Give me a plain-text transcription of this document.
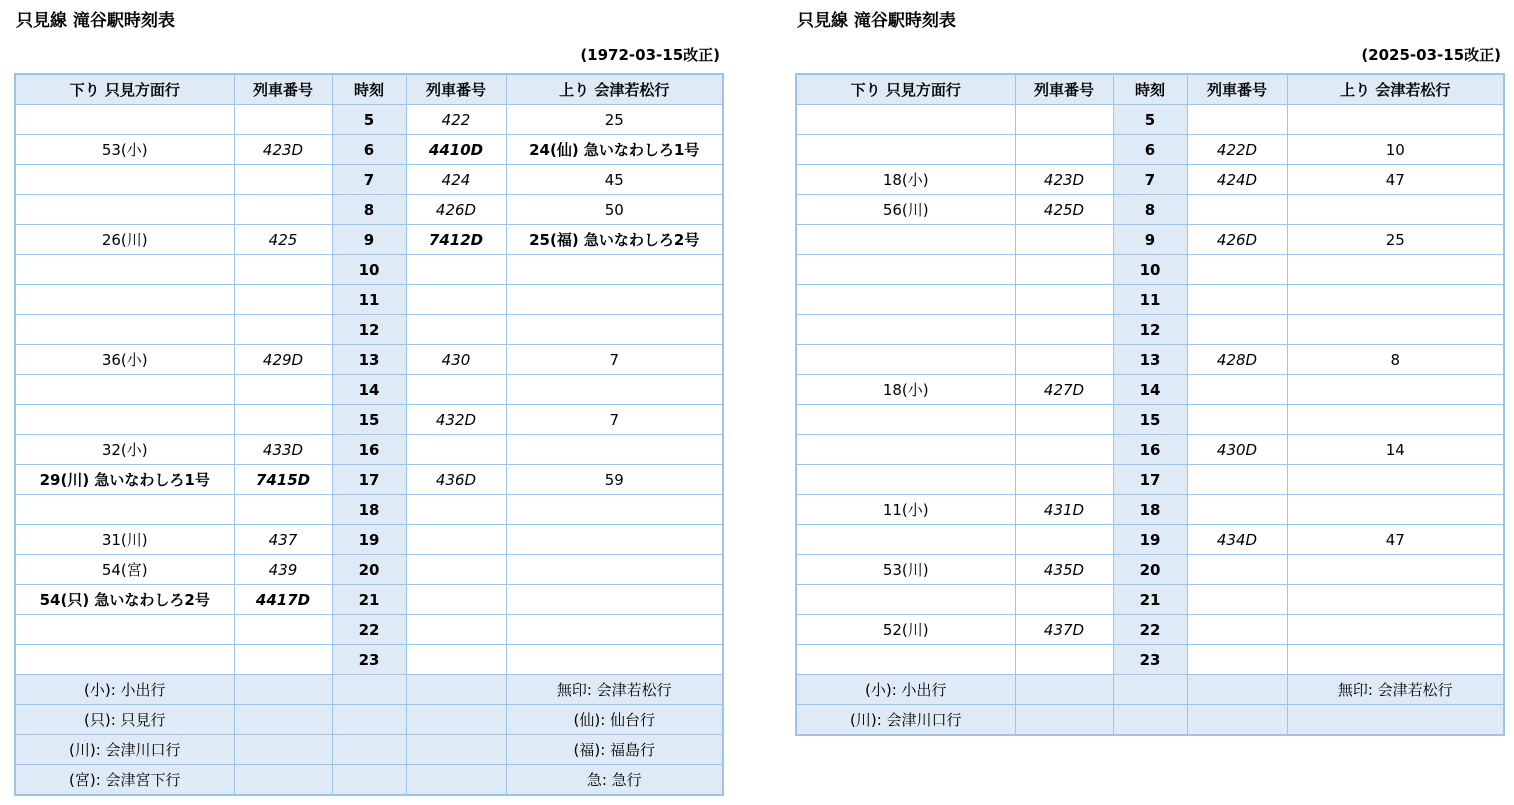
只見線 滝谷駅時刻表
(1972-03-15改正)
下り 只見方面行	列車番号	時刻	列車番号	上り 会津若松行
		5	422	25
53(小)	423D	6	4410D	24(仙) 急いなわしろ1号
		7	424	45
		8	426D	50
26(川)	425	9	7412D	25(福) 急いなわしろ2号
		10		
		11		
		12		
36(小)	429D	13	430	7
		14		
		15	432D	7
32(小)	433D	16		
29(川) 急いなわしろ1号	7415D	17	436D	59
		18		
31(川)	437	19		
54(宮)	439	20		
54(只) 急いなわしろ2号	4417D	21		
		22		
		23		
(小): 小出行				無印: 会津若松行
(只): 只見行				(仙): 仙台行
(川): 会津川口行				(福): 福島行
(宮): 会津宮下行				急: 急行
只見線 滝谷駅時刻表
(2025-03-15改正)
下り 只見方面行	列車番号	時刻	列車番号	上り 会津若松行
		5		
		6	422D	10
18(小)	423D	7	424D	47
56(川)	425D	8		
		9	426D	25
		10		
		11		
		12		
		13	428D	8
18(小)	427D	14		
		15		
		16	430D	14
		17		
11(小)	431D	18		
		19	434D	47
53(川)	435D	20		
		21		
52(川)	437D	22		
		23		
(小): 小出行				無印: 会津若松行
(川): 会津川口行				
